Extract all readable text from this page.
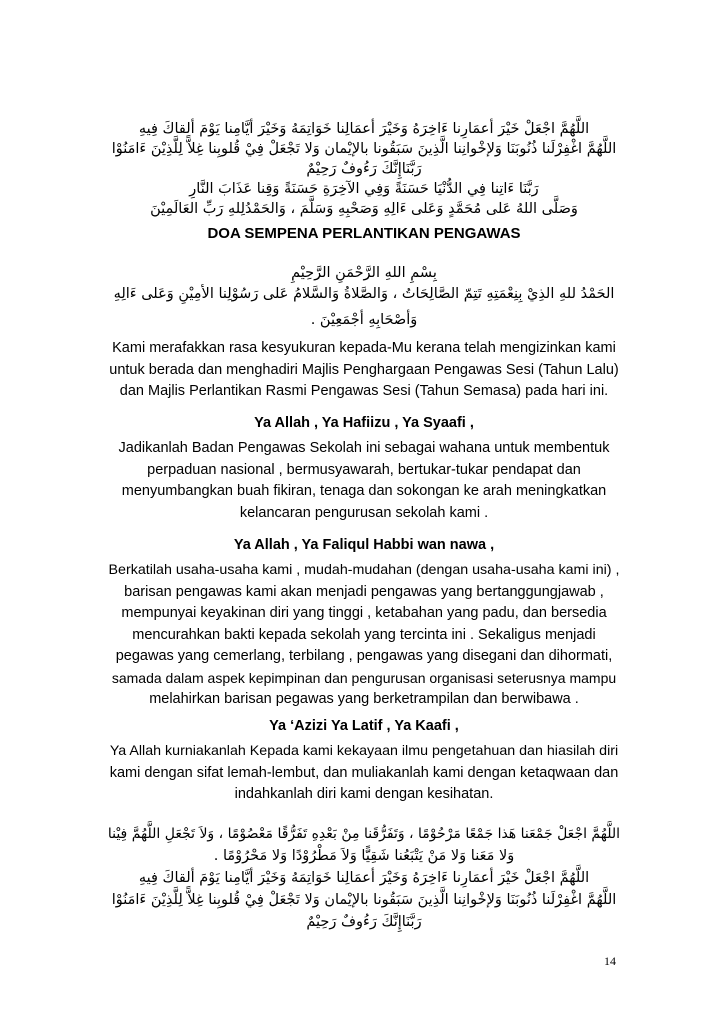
اللَّهُمَّ اجْعَلْ خَيْرَ أعمَارِنا ءَاخِرَهُ وَخَيْرَ أعمَالِنا خَوَاتِمَهُ وَخَيْرَ أيَّامِنا يَوْمَ ألقاكَ فِيهِ

اللَّهُمَّ اغْفِرْلَنا ذُنُوبَنَا وَلإخْوانِنا الَّذِينَ سَبَقُونا بالإيْمان وَلا تَجْعَلْ فِيْ قُلوبِنا غِلاًّ لِلَّذِيْنَ ءَامَنُوْا

رَبَّنَاإِنَّكَ رَءُوفٌ رَحِيْمٌ

رَبَّنَا ءَاتِنا فِي الدُّنْيَا حَسَنَةً وَفِي الآخِرَةِ حَسَنَةً وَقِنا عَذَابَ النَّارِ

وَصَلَّى اللهُ عَلى مُحَمَّدٍ وَعَلى ءَالِهِ وَصَحْبِهِ وَسَلَّمَ ، وَالحَمْدُلِلهِ رَبِّ العَالَمِيْنَ

DOA SEMPENA PERLANTIKAN PENGAWAS

بِسْمِ اللهِ الرَّحْمَنِ الرَّحِيْمِ

الحَمْدُ للهِ الذِيْ بِنِعْمَتِهِ تَتِمّ الصَّالِحَاتُ ، وَالصَّلاةُ وَالسَّلامُ عَلى رَسُوْلِنا الأمِيْنِ وَعَلى ءَالِهِ

وَأصْحَابِهِ أجْمَعِيْنَ .

Kami merafakkan rasa kesyukuran kepada-Mu kerana telah mengizinkan kami
untuk berada dan menghadiri Majlis Penghargaan Pengawas Sesi (Tahun Lalu)
dan Majlis Perlantikan Rasmi Pengawas Sesi (Tahun Semasa) pada hari ini.

Ya Allah , Ya Hafiizu , Ya Syaafi ,

Jadikanlah Badan Pengawas Sekolah ini sebagai wahana untuk membentuk
perpaduan nasional , bermusyawarah, bertukar-tukar pendapat dan
menyumbangkan buah fikiran, tenaga dan sokongan ke arah meningkatkan
kelancaran pengurusan sekolah kami .

Ya Allah , Ya Faliqul Habbi wan nawa ,

Berkatilah usaha-usaha kami , mudah-mudahan (dengan usaha-usaha kami ini) ,
barisan pengawas kami akan menjadi pengawas yang bertanggungjawab ,
mempunyai keyakinan diri yang tinggi , ketabahan yang padu, dan bersedia
mencurahkan bakti kepada sekolah yang tercinta ini . Sekaligus menjadi
pegawas yang cemerlang, terbilang , pengawas yang disegani dan dihormati,
samada dalam aspek kepimpinan dan pengurusan organisasi seterusnya mampu
melahirkan barisan pegawas yang berketrampilan dan berwibawa .

Ya ‘Azizi Ya Latif , Ya Kaafi ,

Ya Allah kurniakanlah Kepada kami kekayaan ilmu pengetahuan dan hiasilah diri
kami dengan sifat lemah-lembut, dan muliakanlah kami dengan ketaqwaan dan
indahkanlah diri kami dengan kesihatan.

اللَّهُمَّ اجْعَلْ جَمْعَنا هَذا جَمْعًا مَرْحُوْمًا ، وَتَفَرُّقَنا مِنْ بَعْدِهِ تَفَرُّقًا مَعْصُوْمًا ، وَلاَ تَجْعَلِ اللَّهُمَّ فِيْنا

وَلا مَعَنا وَلا مَنْ يَتْبَعُنا شَقِيًّا وَلاَ مَطْرُوْدًا وَلا مَحْرُوْمًا .

اللَّهُمَّ اجْعَلْ خَيْرَ أعمَارِنا ءَاخِرَهُ وَخَيْرَ أعمَالِنا خَوَاتِمَهُ وَخَيْرَ أيَّامِنا يَوْمَ ألقاكَ فِيهِ

اللَّهُمَّ اغْفِرْلَنا ذُنُوبَنَا وَلإخْوانِنا الَّذِينَ سَبَقُونا بالإيْمان وَلا تَجْعَلْ فِيْ قُلوبِنا غِلاًّ لِلَّذِيْنَ ءَامَنُوْا

رَبَّنَاإِنَّكَ رَءُوفٌ رَحِيْمٌ

14
